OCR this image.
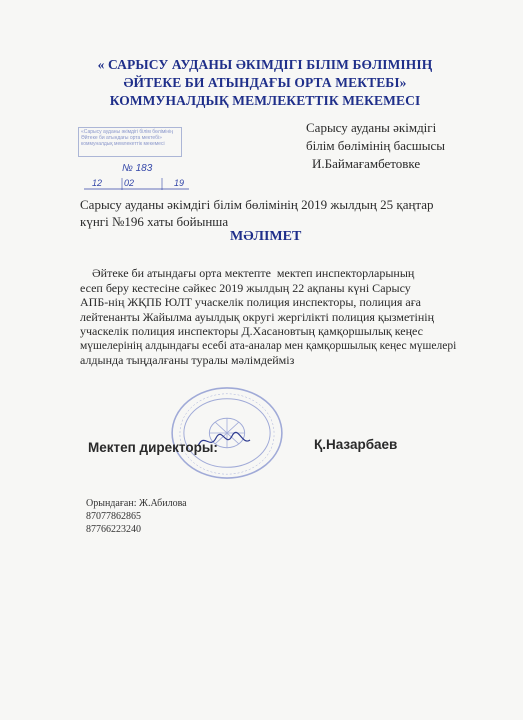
« САРЫСУ АУДАНЫ ӘКІМДІГІ БІЛІМ БӨЛІМІНІҢ
ӘЙТЕКЕ БИ АТЫНДАҒЫ ОРТА МЕКТЕБІ»
КОММУНАЛДЫҚ МЕМЛЕКЕТТІК МЕКЕМЕСІ
«Сарысу ауданы әкімдігі білім бөлімінің Әйтеке би атындағы орта мектебі» коммуналдық мемлекеттік мекемесі
№ 183
12 02	19
Сарысу ауданы әкімдігі
білім бөлімінің басшысы
И.Баймағамбетовке
Сарысу ауданы әкімдігі білім бөлімінің 2019 жылдың 25 қаңтар
күнгі №196 хаты бойынша
МӘЛІМЕТ
Әйтеке би атындағы орта мектепте  мектеп инспекторларының
есеп беру кестесіне сәйкес 2019 жылдың 22 ақпаны күні Сарысу
АПБ-нің ЖҚПБ ЮЛТ учаскелік полиция инспекторы, полиция аға
лейтенанты Жайылма ауылдық округі жергілікті полиция қызметінің
учаскелік полиция инспекторы Д.Хасановтың қамқоршылық кеңес
мүшелерінің алдындағы есебі ата-аналар мен қамқоршылық кеңес мүшелері
алдында тыңдалғаны туралы мәлімдейміз
Мектеп директоры:	Қ.Назарбаев
Орындаған: Ж.Абилова
87077862865
87766223240
